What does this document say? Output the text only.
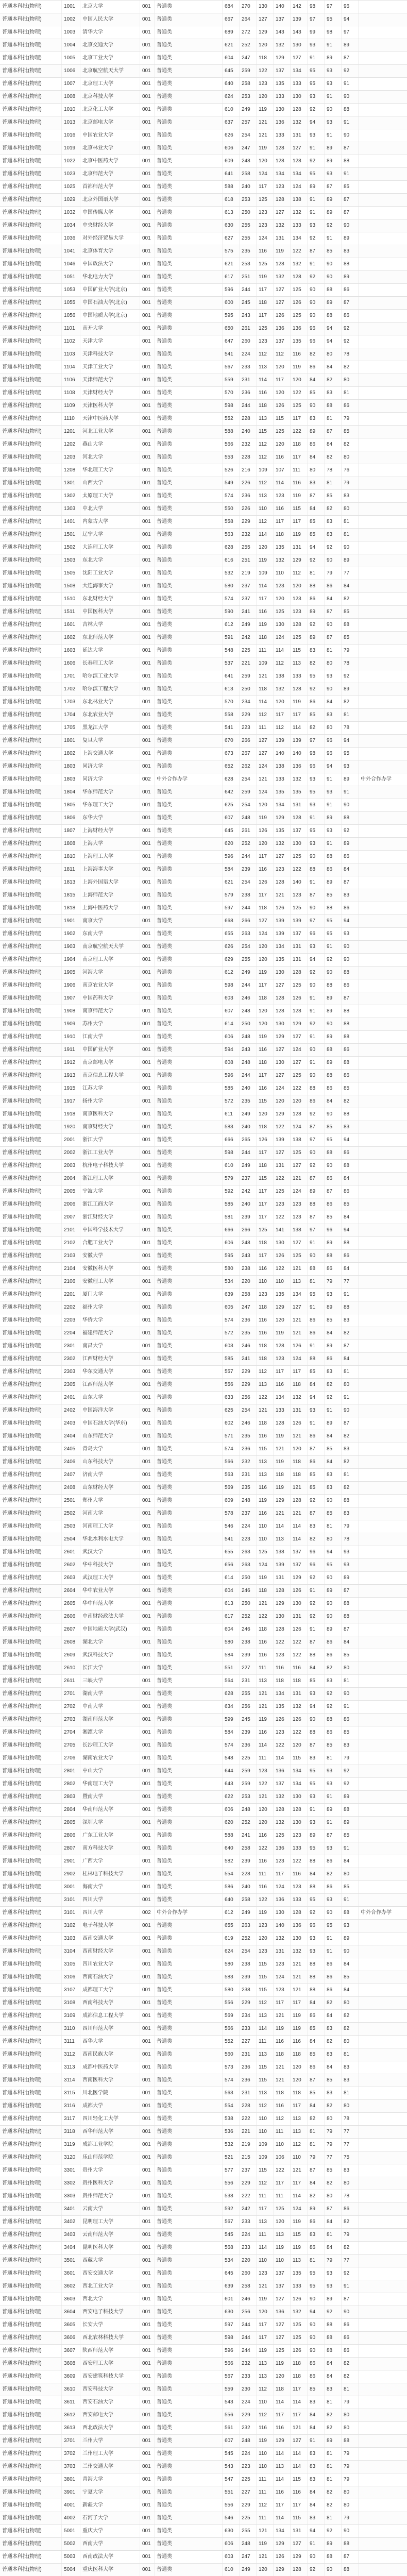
普通本科批(物理)	1001	北京大学	001	普通类	684	270	130	140	142	98	97	96
普通本科批(物理)	1002	中国人民大学	001	普通类	667	264	127	137	139	97	95	94
普通本科批(物理)	1003	清华大学	001	普通类	689	272	129	143	143	99	98	97
普通本科批(物理)	1004	北京交通大学	001	普通类	621	252	120	132	130	93	91	89
普通本科批(物理)	1005	北京工业大学	001	普通类	604	247	118	129	127	91	89	87
普通本科批(物理)	1006	北京航空航天大学	001	普通类	645	259	122	137	134	95	93	92
普通本科批(物理)	1007	北京理工大学	001	普通类	640	258	123	135	133	95	93	91
普通本科批(物理)	1008	北京科技大学	001	普通类	624	253	120	133	130	93	91	90
普通本科批(物理)	1010	北京化工大学	001	普通类	610	249	119	130	128	92	90	88
普通本科批(物理)	1013	北京邮电大学	001	普通类	637	257	121	136	132	94	93	91
普通本科批(物理)	1016	中国农业大学	001	普通类	626	254	121	133	131	93	91	90
普通本科批(物理)	1019	北京林业大学	001	普通类	606	247	119	128	127	91	89	87
普通本科批(物理)	1022	北京中医药大学	001	普通类	609	248	120	128	128	92	89	88
普通本科批(物理)	1023	北京师范大学	001	普通类	641	258	124	134	134	95	93	91
普通本科批(物理)	1025	首都师范大学	001	普通类	588	240	117	123	124	89	87	85
普通本科批(物理)	1029	北京外国语大学	001	普通类	618	253	125	128	138	91	89	87
普通本科批(物理)	1032	中国传媒大学	001	普通类	613	250	123	127	132	91	89	87
普通本科批(物理)	1034	中央财经大学	001	普通类	630	255	123	132	133	93	92	90
普通本科批(物理)	1036	对外经济贸易大学	001	普通类	627	255	124	131	134	92	91	89
普通本科批(物理)	1041	北京体育大学	001	普通类	575	235	116	119	122	87	85	83
普通本科批(物理)	1046	中国政法大学	001	普通类	621	253	125	128	132	91	90	88
普通本科批(物理)	1051	华北电力大学	001	普通类	617	251	119	132	128	92	90	89
普通本科批(物理)	1053	中国矿业大学(北京)	001	普通类	596	244	117	127	125	90	88	86
普通本科批(物理)	1055	中国石油大学(北京)	001	普通类	600	245	118	127	126	90	89	87
普通本科批(物理)	1056	中国地质大学(北京)	001	普通类	595	243	117	126	125	90	88	86
普通本科批(物理)	1101	南开大学	001	普通类	650	261	125	136	136	96	94	92
普通本科批(物理)	1102	天津大学	001	普通类	647	260	123	137	135	96	94	92
普通本科批(物理)	1103	天津科技大学	001	普通类	541	224	112	112	116	82	80	78
普通本科批(物理)	1104	天津工业大学	001	普通类	567	233	113	120	119	86	84	82
普通本科批(物理)	1106	天津师范大学	001	普通类	559	231	114	117	120	84	82	80
普通本科批(物理)	1108	天津财经大学	001	普通类	570	236	116	120	122	85	83	81
普通本科批(物理)	1109	天津医科大学	001	普通类	598	244	118	126	125	90	88	86
普通本科批(物理)	1110	天津中医药大学	001	普通类	552	228	113	115	117	83	81	79
普通本科批(物理)	1201	河北工业大学	001	普通类	588	240	115	125	122	89	87	85
普通本科批(物理)	1202	燕山大学	001	普通类	566	232	112	120	118	86	84	82
普通本科批(物理)	1203	河北大学	001	普通类	553	228	112	116	117	84	82	80
普通本科批(物理)	1208	华北理工大学	001	普通类	526	216	109	107	111	80	78	76
普通本科批(物理)	1301	山西大学	001	普通类	549	226	112	114	116	83	81	79
普通本科批(物理)	1302	太原理工大学	001	普通类	574	236	113	123	119	87	85	83
普通本科批(物理)	1303	中北大学	001	普通类	550	226	110	116	115	84	82	80
普通本科批(物理)	1401	内蒙古大学	001	普通类	558	229	112	117	117	85	83	81
普通本科批(物理)	1501	辽宁大学	001	普通类	563	232	114	118	119	85	83	81
普通本科批(物理)	1502	大连理工大学	001	普通类	628	255	120	135	131	94	92	90
普通本科批(物理)	1503	东北大学	001	普通类	616	251	119	132	129	92	90	89
普通本科批(物理)	1505	沈阳工业大学	001	普通类	532	219	109	110	112	81	79	77
普通本科批(物理)	1508	大连海事大学	001	普通类	580	237	114	123	120	88	86	84
普通本科批(物理)	1510	东北财经大学	001	普通类	574	237	117	120	123	86	84	82
普通本科批(物理)	1511	中国医科大学	001	普通类	590	241	116	125	123	89	87	85
普通本科批(物理)	1601	吉林大学	001	普通类	612	249	119	130	128	92	90	88
普通本科批(物理)	1602	东北师范大学	001	普通类	591	242	118	124	125	89	87	85
普通本科批(物理)	1603	延边大学	001	普通类	548	225	111	114	115	83	81	79
普通本科批(物理)	1606	长春理工大学	001	普通类	537	221	109	112	113	82	80	78
普通本科批(物理)	1701	哈尔滨工业大学	001	普通类	641	259	121	138	133	95	93	92
普通本科批(物理)	1702	哈尔滨工程大学	001	普通类	613	250	118	132	128	92	90	89
普通本科批(物理)	1703	东北林业大学	001	普通类	570	234	114	120	119	86	84	82
普通本科批(物理)	1704	东北农业大学	001	普通类	558	229	112	117	117	85	83	81
普通本科批(物理)	1705	黑龙江大学	001	普通类	541	223	111	112	114	82	80	78
普通本科批(物理)	1801	复旦大学	001	普通类	670	266	127	139	139	97	96	94
普通本科批(物理)	1802	上海交通大学	001	普通类	673	267	127	140	140	98	96	95
普通本科批(物理)	1803	同济大学	001	普通类	652	262	124	138	136	96	94	93
普通本科批(物理)	1803	同济大学	002	中外合作办学	628	254	121	133	132	93	91	89	中外合作办学
普通本科批(物理)	1804	华东师范大学	001	普通类	642	259	124	135	135	95	93	91
普通本科批(物理)	1805	华东理工大学	001	普通类	625	254	120	134	131	93	91	90
普通本科批(物理)	1806	东华大学	001	普通类	607	248	119	129	128	91	89	88
普通本科批(物理)	1807	上海财经大学	001	普通类	645	261	126	135	137	95	93	92
普通本科批(物理)	1808	上海大学	001	普通类	620	252	120	132	130	93	91	89
普通本科批(物理)	1810	上海理工大学	001	普通类	596	244	117	127	125	90	88	86
普通本科批(物理)	1811	上海海事大学	001	普通类	584	239	116	123	122	88	86	84
普通本科批(物理)	1813	上海外国语大学	001	普通类	621	254	126	128	140	91	89	87
普通本科批(物理)	1815	上海师范大学	001	普通类	579	238	117	121	123	87	85	83
普通本科批(物理)	1818	上海中医药大学	001	普通类	597	244	118	126	125	90	88	86
普通本科批(物理)	1901	南京大学	001	普通类	668	266	127	139	139	97	95	94
普通本科批(物理)	1902	东南大学	001	普通类	655	263	124	139	137	96	95	93
普通本科批(物理)	1903	南京航空航天大学	001	普通类	626	254	120	134	131	93	91	90
普通本科批(物理)	1904	南京理工大学	001	普通类	629	255	120	135	131	94	92	90
普通本科批(物理)	1905	河海大学	001	普通类	612	249	119	130	128	92	90	88
普通本科批(物理)	1906	南京农业大学	001	普通类	598	244	117	127	125	90	88	86
普通本科批(物理)	1907	中国药科大学	001	普通类	603	246	118	128	126	91	89	87
普通本科批(物理)	1908	南京师范大学	001	普通类	607	248	120	128	128	91	89	88
普通本科批(物理)	1909	苏州大学	001	普通类	614	250	120	130	129	92	90	88
普通本科批(物理)	1910	江南大学	001	普通类	606	248	119	129	127	91	89	88
普通本科批(物理)	1911	中国矿业大学	001	普通类	594	243	116	127	124	90	88	86
普通本科批(物理)	1912	南京邮电大学	001	普通类	608	248	118	130	127	91	89	88
普通本科批(物理)	1913	南京信息工程大学	001	普通类	596	244	117	127	125	90	88	86
普通本科批(物理)	1915	江苏大学	001	普通类	585	240	116	124	122	88	86	85
普通本科批(物理)	1917	扬州大学	001	普通类	572	235	115	120	120	86	84	82
普通本科批(物理)	1918	南京医科大学	001	普通类	611	249	120	129	128	92	90	88
普通本科批(物理)	1920	南京财经大学	001	普通类	583	240	118	122	124	87	85	83
普通本科批(物理)	2001	浙江大学	001	普通类	666	265	126	139	138	97	95	94
普通本科批(物理)	2002	浙江工业大学	001	普通类	598	244	117	127	125	90	88	86
普通本科批(物理)	2003	杭州电子科技大学	001	普通类	610	249	118	131	127	92	90	88
普通本科批(物理)	2004	浙江理工大学	001	普通类	579	237	115	122	121	87	86	84
普通本科批(物理)	2005	宁波大学	001	普通类	592	242	117	125	124	89	87	86
普通本科批(物理)	2006	浙江工商大学	001	普通类	585	240	117	123	123	88	86	85
普通本科批(物理)	2007	浙江财经大学	001	普通类	581	239	117	122	123	87	85	84
普通本科批(物理)	2101	中国科学技术大学	001	普通类	666	266	125	141	138	97	96	94
普通本科批(物理)	2102	合肥工业大学	001	普通类	606	248	118	130	127	91	89	88
普通本科批(物理)	2103	安徽大学	001	普通类	595	243	117	126	125	90	88	86
普通本科批(物理)	2104	安徽医科大学	001	普通类	580	238	116	122	121	88	86	84
普通本科批(物理)	2106	安徽理工大学	001	普通类	534	220	110	110	113	81	79	77
普通本科批(物理)	2201	厦门大学	001	普通类	639	258	123	135	134	95	93	91
普通本科批(物理)	2202	福州大学	001	普通类	605	247	118	129	127	91	89	88
普通本科批(物理)	2203	华侨大学	001	普通类	574	236	116	120	121	86	85	83
普通本科批(物理)	2204	福建师范大学	001	普通类	572	235	116	119	121	86	84	82
普通本科批(物理)	2301	南昌大学	001	普通类	603	246	118	128	126	91	89	87
普通本科批(物理)	2302	江西财经大学	001	普通类	585	241	118	123	124	88	86	84
普通本科批(物理)	2303	华东交通大学	001	普通类	557	229	112	117	117	85	83	81
普通本科批(物理)	2305	江西师范大学	001	普通类	556	229	113	116	118	84	82	80
普通本科批(物理)	2401	山东大学	001	普通类	633	256	122	134	132	94	92	91
普通本科批(物理)	2402	中国海洋大学	001	普通类	625	254	121	133	131	93	91	90
普通本科批(物理)	2403	中国石油大学(华东)	001	普通类	602	246	118	128	126	91	89	87
普通本科批(物理)	2404	山东师范大学	001	普通类	571	235	116	119	121	86	84	82
普通本科批(物理)	2405	青岛大学	001	普通类	574	236	115	121	120	87	85	83
普通本科批(物理)	2406	山东科技大学	001	普通类	566	232	113	119	118	86	84	82
普通本科批(物理)	2407	济南大学	001	普通类	563	231	113	118	118	85	83	81
普通本科批(物理)	2408	山东财经大学	001	普通类	569	235	116	119	121	85	83	82
普通本科批(物理)	2501	郑州大学	001	普通类	609	248	119	129	128	92	90	88
普通本科批(物理)	2502	河南大学	001	普通类	578	237	116	121	121	87	85	83
普通本科批(物理)	2503	河南理工大学	001	普通类	546	224	110	114	114	83	81	79
普通本科批(物理)	2504	华北水利水电大学	001	普通类	541	223	110	113	114	82	80	78
普通本科批(物理)	2601	武汉大学	001	普通类	655	263	125	138	137	96	94	93
普通本科批(物理)	2602	华中科技大学	001	普通类	656	263	124	139	137	96	95	93
普通本科批(物理)	2603	武汉理工大学	001	普通类	614	250	119	131	129	92	90	89
普通本科批(物理)	2604	华中农业大学	001	普通类	604	246	118	128	126	91	89	87
普通本科批(物理)	2605	华中师范大学	001	普通类	613	250	121	129	130	92	90	88
普通本科批(物理)	2606	中南财经政法大学	001	普通类	617	252	122	130	131	92	90	88
普通本科批(物理)	2607	中国地质大学(武汉)	001	普通类	604	246	118	128	126	91	89	87
普通本科批(物理)	2608	湖北大学	001	普通类	580	238	116	122	122	87	86	84
普通本科批(物理)	2609	武汉科技大学	001	普通类	584	239	116	123	122	88	86	85
普通本科批(物理)	2610	长江大学	001	普通类	551	227	111	116	116	84	82	80
普通本科批(物理)	2611	三峡大学	001	普通类	564	231	113	118	118	85	83	81
普通本科批(物理)	2701	湖南大学	001	普通类	628	255	121	134	131	93	92	90
普通本科批(物理)	2702	中南大学	001	普通类	634	256	121	135	132	94	92	91
普通本科批(物理)	2703	湖南师范大学	001	普通类	599	245	119	126	126	90	88	86
普通本科批(物理)	2704	湘潭大学	001	普通类	584	239	116	123	122	88	86	85
普通本科批(物理)	2705	长沙理工大学	001	普通类	574	236	114	122	120	87	85	83
普通本科批(物理)	2706	湖南农业大学	001	普通类	548	225	111	114	115	83	81	79
普通本科批(物理)	2801	中山大学	001	普通类	644	259	123	136	134	95	93	92
普通本科批(物理)	2802	华南理工大学	001	普通类	643	259	122	137	134	95	93	92
普通本科批(物理)	2803	暨南大学	001	普通类	622	253	121	132	130	93	91	89
普通本科批(物理)	2804	华南师范大学	001	普通类	606	248	120	128	128	91	89	88
普通本科批(物理)	2805	深圳大学	001	普通类	620	252	120	132	130	93	91	89
普通本科批(物理)	2806	广东工业大学	001	普通类	588	241	116	125	123	89	87	85
普通本科批(物理)	2807	南方科技大学	001	普通类	640	258	122	136	133	95	93	91
普通本科批(物理)	2901	广西大学	001	普通类	582	239	116	123	122	88	86	84
普通本科批(物理)	2902	桂林电子科技大学	001	普通类	554	228	111	117	116	84	82	80
普通本科批(物理)	3001	海南大学	001	普通类	586	240	116	124	123	88	86	85
普通本科批(物理)	3101	四川大学	001	普通类	640	258	122	136	133	95	93	91
普通本科批(物理)	3101	四川大学	002	中外合作办学	612	249	119	130	128	92	90	88	中外合作办学
普通本科批(物理)	3102	电子科技大学	001	普通类	655	263	123	140	136	96	95	93
普通本科批(物理)	3103	西南交通大学	001	普通类	619	252	120	132	130	93	91	89
普通本科批(物理)	3104	西南财经大学	001	普通类	624	254	123	131	132	93	91	90
普通本科批(物理)	3105	四川农业大学	001	普通类	580	238	115	123	121	88	86	84
普通本科批(物理)	3106	西南石油大学	001	普通类	583	239	115	124	121	88	86	85
普通本科批(物理)	3107	成都理工大学	001	普通类	580	238	115	123	121	88	86	84
普通本科批(物理)	3108	西南科技大学	001	普通类	556	229	112	117	117	84	82	80
普通本科批(物理)	3109	成都信息工程大学	001	普通类	569	234	113	121	119	86	84	82
普通本科批(物理)	3110	四川师范大学	001	普通类	566	233	114	119	119	85	83	82
普通本科批(物理)	3111	西华大学	001	普通类	552	227	111	116	116	84	82	80
普通本科批(物理)	3112	西南民族大学	001	普通类	560	231	113	118	118	85	83	81
普通本科批(物理)	3113	成都中医药大学	001	普通类	573	236	115	121	120	86	84	83
普通本科批(物理)	3114	西南医科大学	001	普通类	574	236	115	121	120	87	85	83
普通本科批(物理)	3115	川北医学院	001	普通类	563	231	113	118	118	85	83	81
普通本科批(物理)	3116	成都大学	001	普通类	554	228	112	116	117	84	82	80
普通本科批(物理)	3117	四川轻化工大学	001	普通类	538	222	110	112	113	82	80	78
普通本科批(物理)	3118	西华师范大学	001	普通类	536	221	110	111	113	81	79	77
普通本科批(物理)	3119	成都工业学院	001	普通类	532	219	109	110	112	81	79	77
普通本科批(物理)	3120	乐山师范学院	001	普通类	521	215	109	106	110	79	77	75
普通本科批(物理)	3301	贵州大学	001	普通类	577	237	115	122	121	87	85	83
普通本科批(物理)	3302	贵州医科大学	001	普通类	556	229	112	117	117	84	82	80
普通本科批(物理)	3303	贵州师范大学	001	普通类	538	222	111	111	114	82	80	78
普通本科批(物理)	3401	云南大学	001	普通类	592	242	117	125	124	89	87	86
普通本科批(物理)	3402	昆明理工大学	001	普通类	567	233	113	120	119	86	84	82
普通本科批(物理)	3403	云南师范大学	001	普通类	545	224	111	113	115	83	81	79
普通本科批(物理)	3404	昆明医科大学	001	普通类	568	233	114	119	119	86	84	82
普通本科批(物理)	3501	西藏大学	001	普通类	534	220	110	110	113	81	79	77
普通本科批(物理)	3601	西安交通大学	001	普通类	645	260	123	137	135	95	93	92
普通本科批(物理)	3602	西北工业大学	001	普通类	639	258	121	137	133	95	93	91
普通本科批(物理)	3603	西北大学	001	普通类	601	246	119	127	126	90	89	87
普通本科批(物理)	3604	西安电子科技大学	001	普通类	630	256	120	136	132	94	92	90
普通本科批(物理)	3605	长安大学	001	普通类	597	244	117	127	125	90	88	86
普通本科批(物理)	3606	西北农林科技大学	001	普通类	598	244	117	127	125	90	88	86
普通本科批(物理)	3607	陕西师范大学	001	普通类	596	244	119	125	126	90	88	86
普通本科批(物理)	3608	西安理工大学	001	普通类	566	232	113	119	118	86	84	82
普通本科批(物理)	3609	西安建筑科技大学	001	普通类	567	233	113	120	118	86	84	82
普通本科批(物理)	3610	西安科技大学	001	普通类	559	230	112	118	117	85	83	81
普通本科批(物理)	3611	西安石油大学	001	普通类	543	224	110	114	114	83	81	79
普通本科批(物理)	3612	西安邮电大学	001	普通类	556	229	112	117	117	84	82	80
普通本科批(物理)	3613	西北政法大学	001	普通类	561	232	116	116	121	84	82	80
普通本科批(物理)	3701	兰州大学	001	普通类	607	248	119	129	127	91	89	88
普通本科批(物理)	3702	兰州理工大学	001	普通类	545	224	110	114	114	83	81	79
普通本科批(物理)	3703	兰州交通大学	001	普通类	543	223	110	113	114	83	81	79
普通本科批(物理)	3801	青海大学	001	普通类	547	225	111	114	115	83	81	79
普通本科批(物理)	3901	宁夏大学	001	普通类	551	227	111	116	116	84	82	80
普通本科批(物理)	4001	新疆大学	001	普通类	556	229	112	117	117	84	82	80
普通本科批(物理)	4002	石河子大学	001	普通类	546	225	111	114	115	83	81	79
普通本科批(物理)	5001	重庆大学	001	普通类	630	255	121	134	131	94	92	90
普通本科批(物理)	5002	西南大学	001	普通类	606	248	119	129	127	91	89	88
普通本科批(物理)	5003	西南政法大学	001	普通类	603	247	121	126	129	90	88	87
普通本科批(物理)	5004	重庆医科大学	001	普通类	610	249	120	129	128	92	90	88
